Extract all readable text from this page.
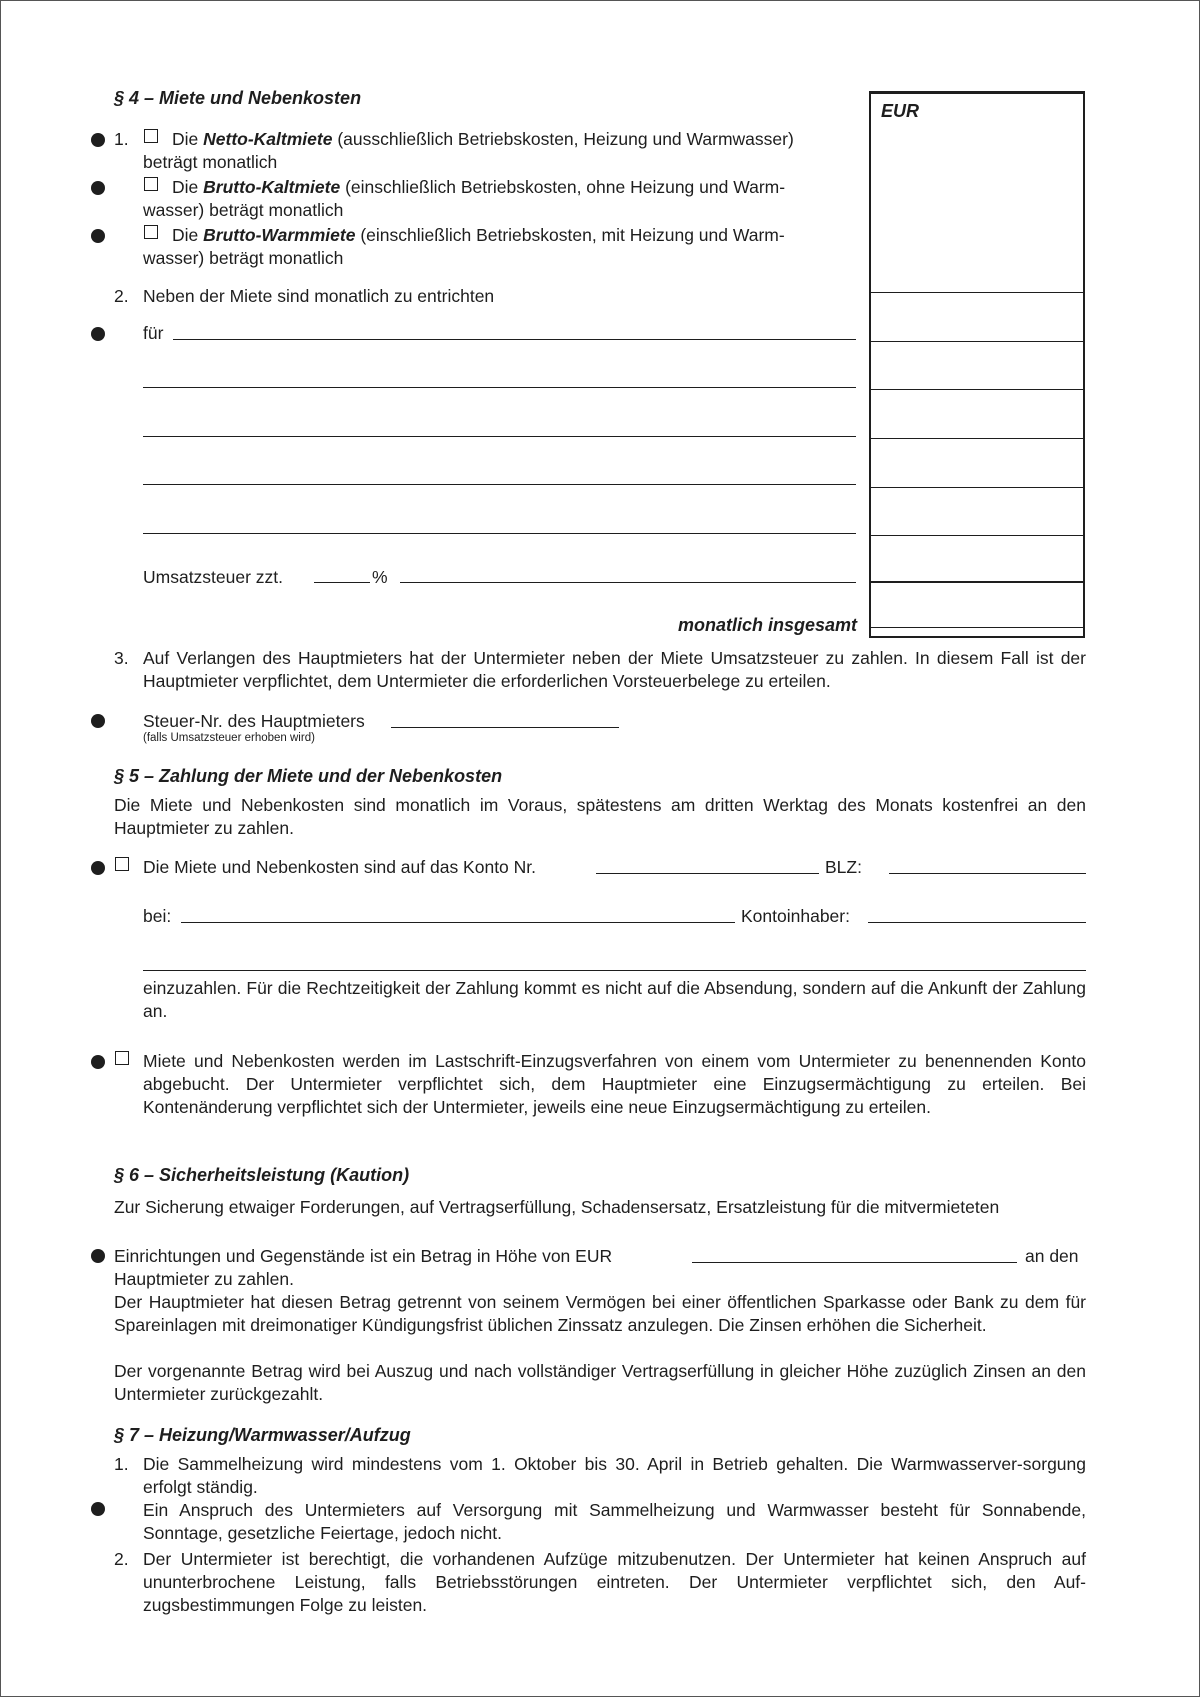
§ 4 – Miete und Nebenkosten
EUR
1. Die Netto-Kaltmiete (ausschließlich Betriebskosten, Heizung und Warmwasser)
beträgt monatlich
Die Brutto-Kaltmiete (einschließlich Betriebskosten, ohne Heizung und Warm-
wasser) beträgt monatlich
Die Brutto-Warmmiete (einschließlich Betriebskosten, mit Heizung und Warm-
wasser) beträgt monatlich
2. Neben der Miete sind monatlich zu entrichten
für
Umsatzsteuer zzt.	%
monatlich insgesamt
3. Auf Verlangen des Hauptmieters hat der Untermieter neben der Miete Umsatzsteuer zu zahlen. In diesem Fall ist der Hauptmieter verpflichtet, dem Untermieter die erforderlichen Vorsteuerbelege zu erteilen.
Steuer-Nr. des Hauptmieters
(falls Umsatzsteuer erhoben wird)
§ 5 – Zahlung der Miete und der Nebenkosten
Die Miete und Nebenkosten sind monatlich im Voraus, spätestens am dritten Werktag des Monats kostenfrei an den Hauptmieter zu zahlen.
Die Miete und Nebenkosten sind auf das Konto Nr.	BLZ:
bei:	Kontoinhaber:
einzuzahlen. Für die Rechtzeitigkeit der Zahlung kommt es nicht auf die Absendung, sondern auf die Ankunft der Zahlung an.
Miete und Nebenkosten werden im Lastschrift-Einzugsverfahren von einem vom Untermieter zu benennenden Konto abgebucht. Der Untermieter verpflichtet sich, dem Hauptmieter eine Einzugsermächtigung zu erteilen. Bei Kontenänderung verpflichtet sich der Untermieter, jeweils eine neue Einzugsermächtigung zu erteilen.
§ 6 – Sicherheitsleistung (Kaution)
Zur Sicherung etwaiger Forderungen, auf Vertragserfüllung, Schadensersatz, Ersatzleistung für die mitvermieteten
Einrichtungen und Gegenstände ist ein Betrag in Höhe von EUR	an den
Hauptmieter zu zahlen.
Der Hauptmieter hat diesen Betrag getrennt von seinem Vermögen bei einer öffentlichen Sparkasse oder Bank zu dem für Spareinlagen mit dreimonatiger Kündigungsfrist üblichen Zinssatz anzulegen. Die Zinsen erhöhen die Sicherheit.
Der vorgenannte Betrag wird bei Auszug und nach vollständiger Vertragserfüllung in gleicher Höhe zuzüglich Zinsen an den Untermieter zurückgezahlt.
§ 7 – Heizung/Warmwasser/Aufzug
1. Die Sammelheizung wird mindestens vom 1. Oktober bis 30. April in Betrieb gehalten. Die Warmwasserver-sorgung erfolgt ständig.
Ein Anspruch des Untermieters auf Versorgung mit Sammelheizung und Warmwasser besteht für Sonnabende, Sonntage, gesetzliche Feiertage, jedoch nicht.
2. Der Untermieter ist berechtigt, die vorhandenen Aufzüge mitzubenutzen. Der Untermieter hat keinen Anspruch auf ununterbrochene Leistung, falls Betriebsstörungen eintreten. Der Untermieter verpflichtet sich, den Auf-zugsbestimmungen Folge zu leisten.
